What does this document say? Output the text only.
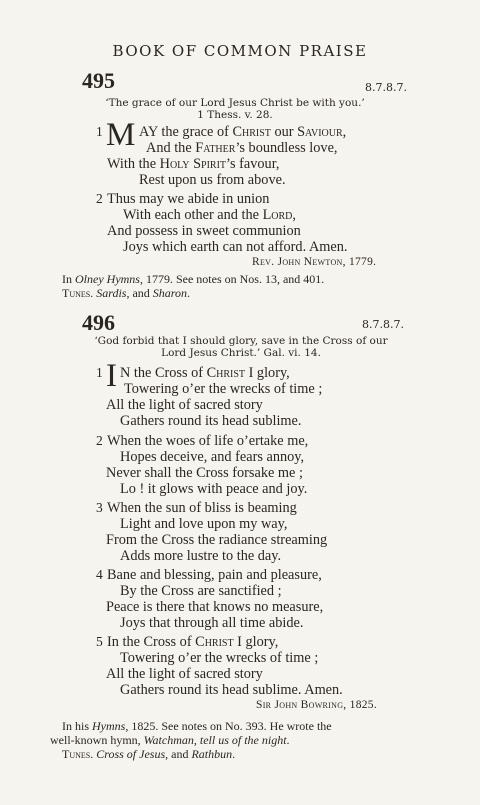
BOOK OF COMMON PRAISE
495	8.7.8.7.
‘The grace of our Lord Jesus Christ be with you.’
1 Thess. v. 28.
1 M AY the grace of Christ our Saviour,
And the Father’s boundless love,
With the Holy Spirit’s favour,
Rest upon us from above.
2 Thus may we abide in union
With each other and the Lord,
And possess in sweet communion
Joys which earth can not afford. Amen.
Rev. John Newton, 1779.
In Olney Hymns, 1779. See notes on Nos. 13, and 401.
Tunes. Sardis, and Sharon.
496	8.7.8.7.
‘God forbid that I should glory, save in the Cross of our
Lord Jesus Christ.’ Gal. vi. 14.
1 I N the Cross of Christ I glory,
Towering o’er the wrecks of time ;
All the light of sacred story
Gathers round its head sublime.
2 When the woes of life o’ertake me,
Hopes deceive, and fears annoy,
Never shall the Cross forsake me ;
Lo ! it glows with peace and joy.
3 When the sun of bliss is beaming
Light and love upon my way,
From the Cross the radiance streaming
Adds more lustre to the day.
4 Bane and blessing, pain and pleasure,
By the Cross are sanctified ;
Peace is there that knows no measure,
Joys that through all time abide.
5 In the Cross of Christ I glory,
Towering o’er the wrecks of time ;
All the light of sacred story
Gathers round its head sublime. Amen.
Sir John Bowring, 1825.
In his Hymns, 1825. See notes on No. 393. He wrote the
well-known hymn, Watchman, tell us of the night.
Tunes. Cross of Jesus, and Rathbun.
